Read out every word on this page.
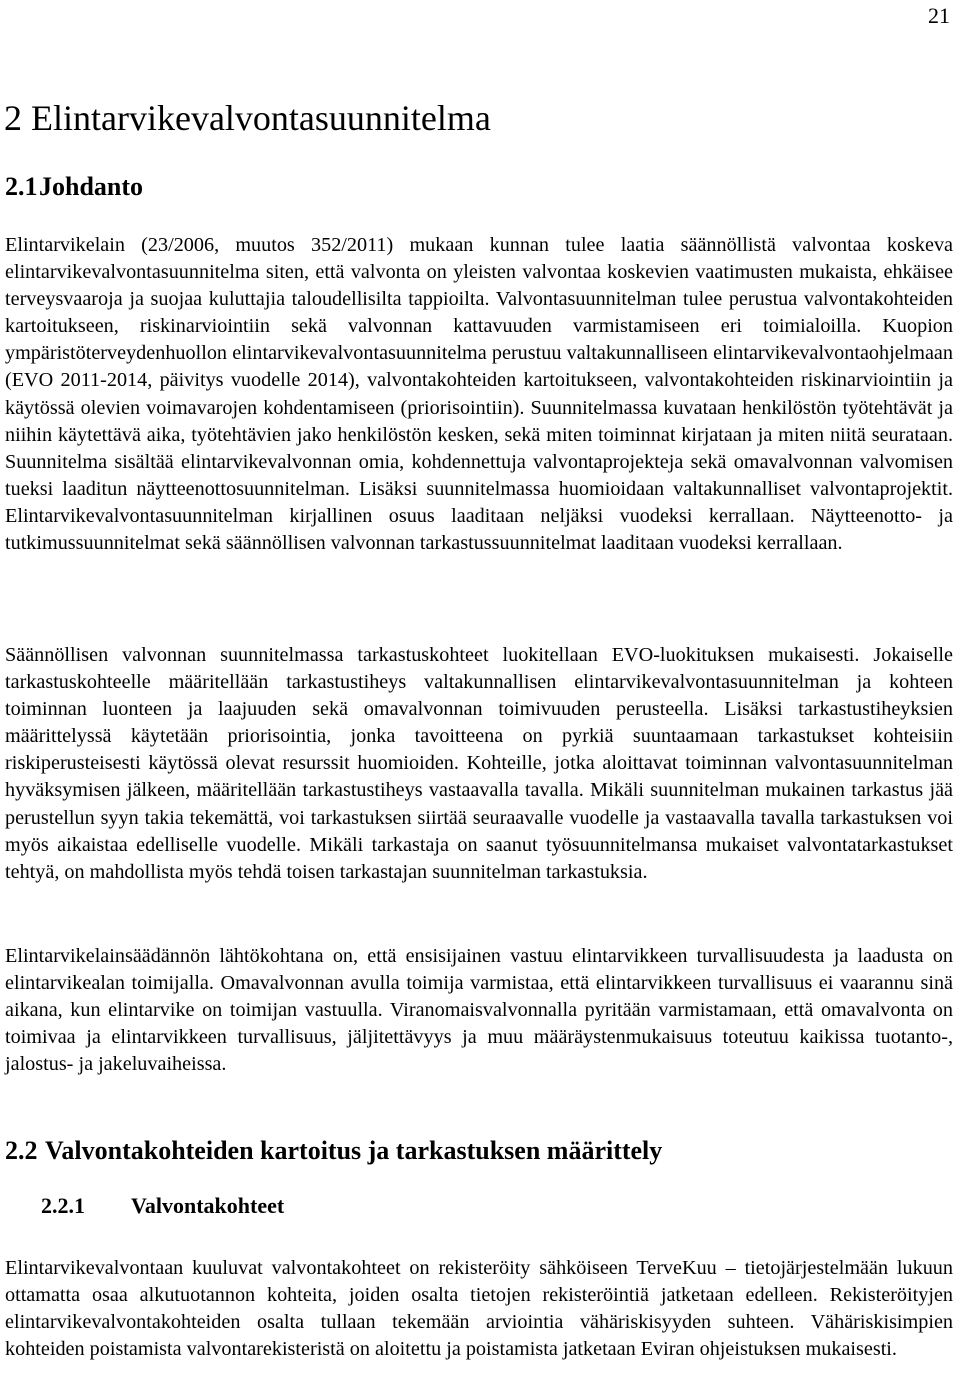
21
2 Elintarvikevalvontasuunnitelma
2.1Johdanto

Elintarvikelain (23/2006, muutos 352/2011) mukaan kunnan tulee laatia säännöllistä valvontaa koskeva elintarvikevalvontasuunnitelma siten, että valvonta on yleisten valvontaa koskevien vaatimusten mukaista, ehkäisee terveysvaaroja ja suojaa kuluttajia taloudellisilta tappioilta. Valvontasuunnitelman tulee perustua valvontakohteiden kartoitukseen, riskinarviointiin sekä valvonnan kattavuuden varmistamiseen eri toimialoilla. Kuopion ympäristöterveydenhuollon elintarvikevalvontasuunnitelma perustuu valtakunnalliseen elintarvikevalvontaohjelmaan (EVO 2011-2014, päivitys vuodelle 2014), valvontakohteiden kartoitukseen, valvontakohteiden riskinarviointiin ja käytössä olevien voimavarojen kohdentamiseen (priorisointiin). Suunnitelmassa kuvataan henkilöstön työtehtävät ja niihin käytettävä aika, työtehtävien jako henkilöstön kesken, sekä miten toiminnat kirjataan ja miten niitä seurataan. Suunnitelma sisältää elintarvikevalvonnan omia, kohdennettuja valvontaprojekteja sekä omavalvonnan valvomisen tueksi laaditun näytteenottosuunnitelman. Lisäksi suunnitelmassa huomioidaan valtakunnalliset valvontaprojektit. Elintarvikevalvontasuunnitelman kirjallinen osuus laaditaan neljäksi vuodeksi kerrallaan. Näytteenotto- ja tutkimussuunnitelmat sekä säännöllisen valvonnan tarkastussuunnitelmat laaditaan vuodeksi kerrallaan.

Säännöllisen valvonnan suunnitelmassa tarkastuskohteet luokitellaan EVO-luokituksen mukaisesti. Jokaiselle tarkastuskohteelle määritellään tarkastustiheys valtakunnallisen elintarvikevalvontasuunnitelman ja kohteen toiminnan luonteen ja laajuuden sekä omavalvonnan toimivuuden perusteella. Lisäksi tarkastustiheyksien määrittelyssä käytetään priorisointia, jonka tavoitteena on pyrkiä suuntaamaan tarkastukset kohteisiin riskiperusteisesti käytössä olevat resurssit huomioiden. Kohteille, jotka aloittavat toiminnan valvontasuunnitelman hyväksymisen jälkeen, määritellään tarkastustiheys vastaavalla tavalla. Mikäli suunnitelman mukainen tarkastus jää perustellun syyn takia tekemättä, voi tarkastuksen siirtää seuraavalle vuodelle ja vastaavalla tavalla tarkastuksen voi myös aikaistaa edelliselle vuodelle. Mikäli tarkastaja on saanut työsuunnitelmansa mukaiset valvontatarkastukset tehtyä, on mahdollista myös tehdä toisen tarkastajan suunnitelman tarkastuksia.

Elintarvikelainsäädännön lähtökohtana on, että ensisijainen vastuu elintarvikkeen turvallisuudesta ja laadusta on elintarvikealan toimijalla. Omavalvonnan avulla toimija varmistaa, että elintarvikkeen turvallisuus ei vaarannu sinä aikana, kun elintarvike on toimijan vastuulla. Viranomaisvalvonnalla pyritään varmistamaan, että omavalvonta on toimivaa ja elintarvikkeen turvallisuus, jäljitettävyys ja muu määräystenmukaisuus toteutuu kaikissa tuotanto-, jalostus- ja jakeluvaiheissa.

2.2 Valvontakohteiden kartoitus ja tarkastuksen määrittely
2.2.1 Valvontakohteet

Elintarvikevalvontaan kuuluvat valvontakohteet on rekisteröity sähköiseen TerveKuu – tietojärjestelmään lukuun ottamatta osaa alkutuotannon kohteita, joiden osalta tietojen rekisteröintiä jatketaan edelleen. Rekisteröityjen elintarvikevalvontakohteiden osalta tullaan tekemään arviointia vähäriskisyyden suhteen. Vähäriskisimpien kohteiden poistamista valvontarekisteristä on aloitettu ja poistamista jatketaan Eviran ohjeistuksen mukaisesti.
